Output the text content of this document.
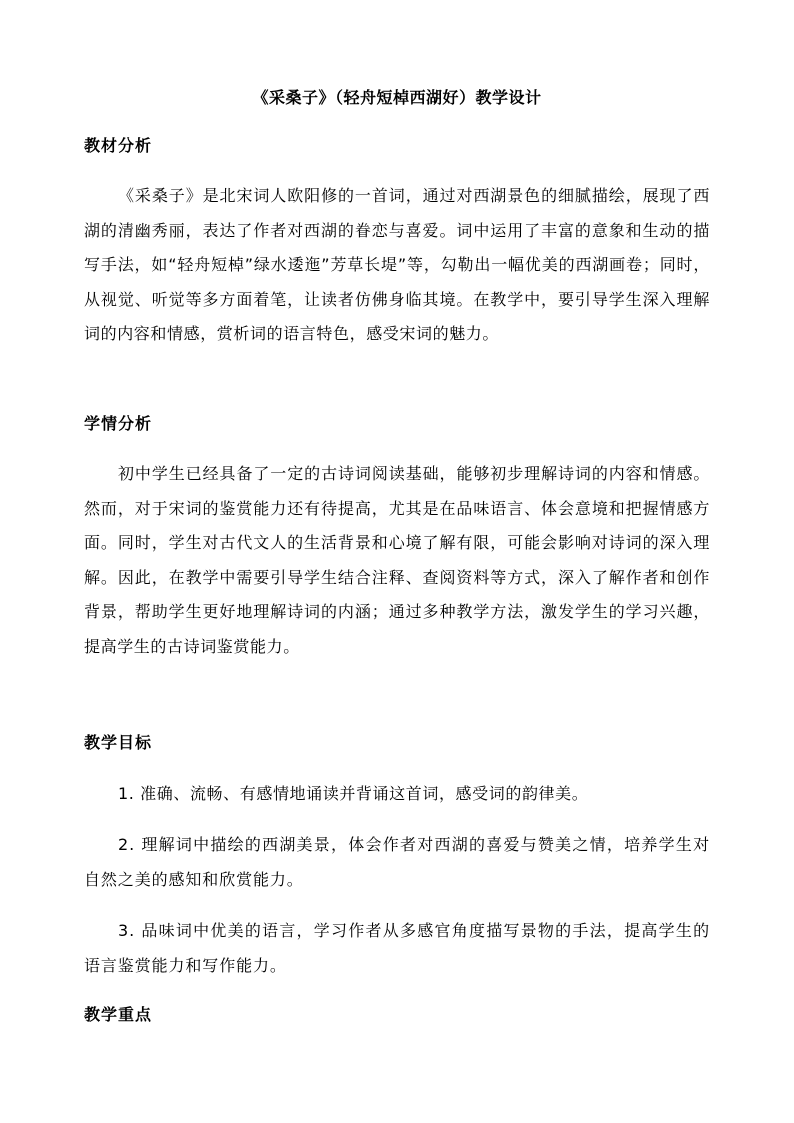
《采桑子》（轻舟短棹西湖好）教学设计
教材分析
《采桑子》是北宋词人欧阳修的一首词，通过对西湖景色的细腻描绘，展现了西湖的清幽秀丽，表达了作者对西湖的眷恋与喜爱。词中运用了丰富的意象和生动的描写手法，如“轻舟短棹”绿水逶迤”芳草长堤”等，勾勒出一幅优美的西湖画卷；同时，从视觉、听觉等多方面着笔，让读者仿佛身临其境。在教学中，要引导学生深入理解词的内容和情感，赏析词的语言特色，感受宋词的魅力。
学情分析
初中学生已经具备了一定的古诗词阅读基础，能够初步理解诗词的内容和情感。然而，对于宋词的鉴赏能力还有待提高，尤其是在品味语言、体会意境和把握情感方面。同时，学生对古代文人的生活背景和心境了解有限，可能会影响对诗词的深入理解。因此，在教学中需要引导学生结合注释、查阅资料等方式，深入了解作者和创作背景，帮助学生更好地理解诗词的内涵；通过多种教学方法，激发学生的学习兴趣，提高学生的古诗词鉴赏能力。
教学目标
1. 准确、流畅、有感情地诵读并背诵这首词，感受词的韵律美。
2. 理解词中描绘的西湖美景，体会作者对西湖的喜爱与赞美之情，培养学生对自然之美的感知和欣赏能力。
3. 品味词中优美的语言，学习作者从多感官角度描写景物的手法，提高学生的语言鉴赏能力和写作能力。
教学重点
